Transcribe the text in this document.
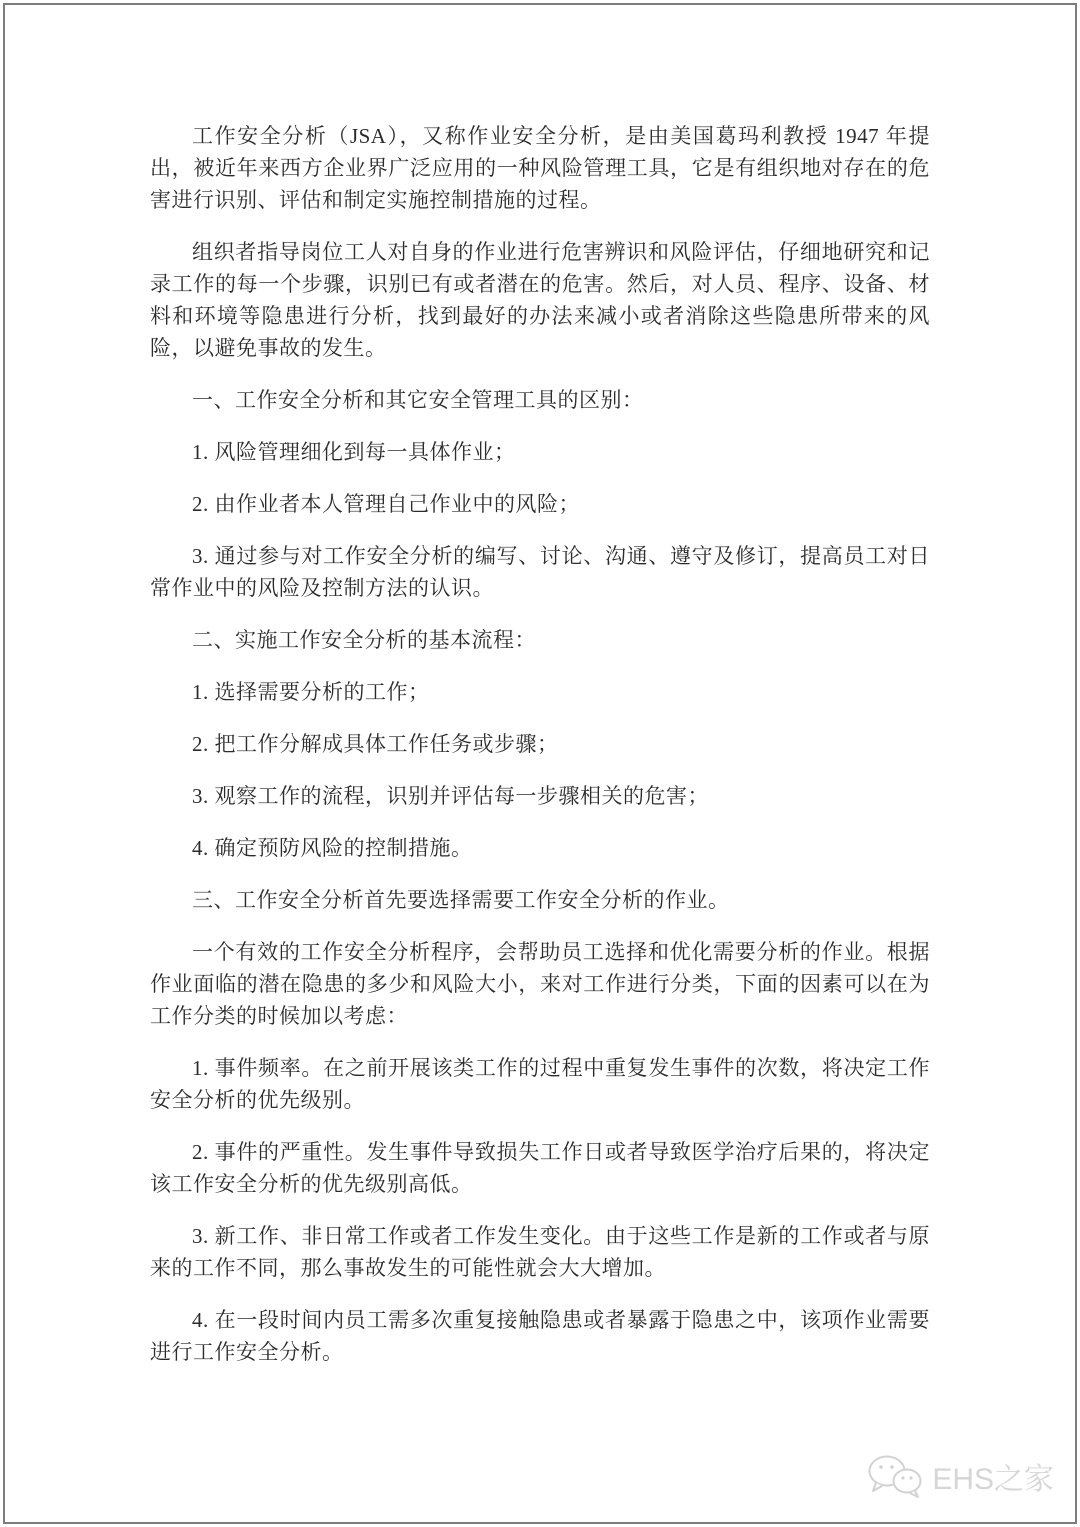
工作安全分析（JSA），又称作业安全分析，是由美国葛玛利教授 1947 年提出，被近年来西方企业界广泛应用的一种风险管理工具，它是有组织地对存在的危害进行识别、评估和制定实施控制措施的过程。

组织者指导岗位工人对自身的作业进行危害辨识和风险评估，仔细地研究和记录工作的每一个步骤，识别已有或者潜在的危害。然后，对人员、程序、设备、材料和环境等隐患进行分析，找到最好的办法来减小或者消除这些隐患所带来的风险，以避免事故的发生。

一、工作安全分析和其它安全管理工具的区别：

1. 风险管理细化到每一具体作业；

2. 由作业者本人管理自己作业中的风险；

3. 通过参与对工作安全分析的编写、讨论、沟通、遵守及修订，提高员工对日常作业中的风险及控制方法的认识。

二、实施工作安全分析的基本流程：

1. 选择需要分析的工作；

2. 把工作分解成具体工作任务或步骤；

3. 观察工作的流程，识别并评估每一步骤相关的危害；

4. 确定预防风险的控制措施。

三、工作安全分析首先要选择需要工作安全分析的作业。

一个有效的工作安全分析程序，会帮助员工选择和优化需要分析的作业。根据作业面临的潜在隐患的多少和风险大小，来对工作进行分类，下面的因素可以在为工作分类的时候加以考虑：

1. 事件频率。在之前开展该类工作的过程中重复发生事件的次数，将决定工作安全分析的优先级别。

2. 事件的严重性。发生事件导致损失工作日或者导致医学治疗后果的，将决定该工作安全分析的优先级别高低。

3. 新工作、非日常工作或者工作发生变化。由于这些工作是新的工作或者与原来的工作不同，那么事故发生的可能性就会大大增加。

4. 在一段时间内员工需多次重复接触隐患或者暴露于隐患之中，该项作业需要进行工作安全分析。

EHS之家
